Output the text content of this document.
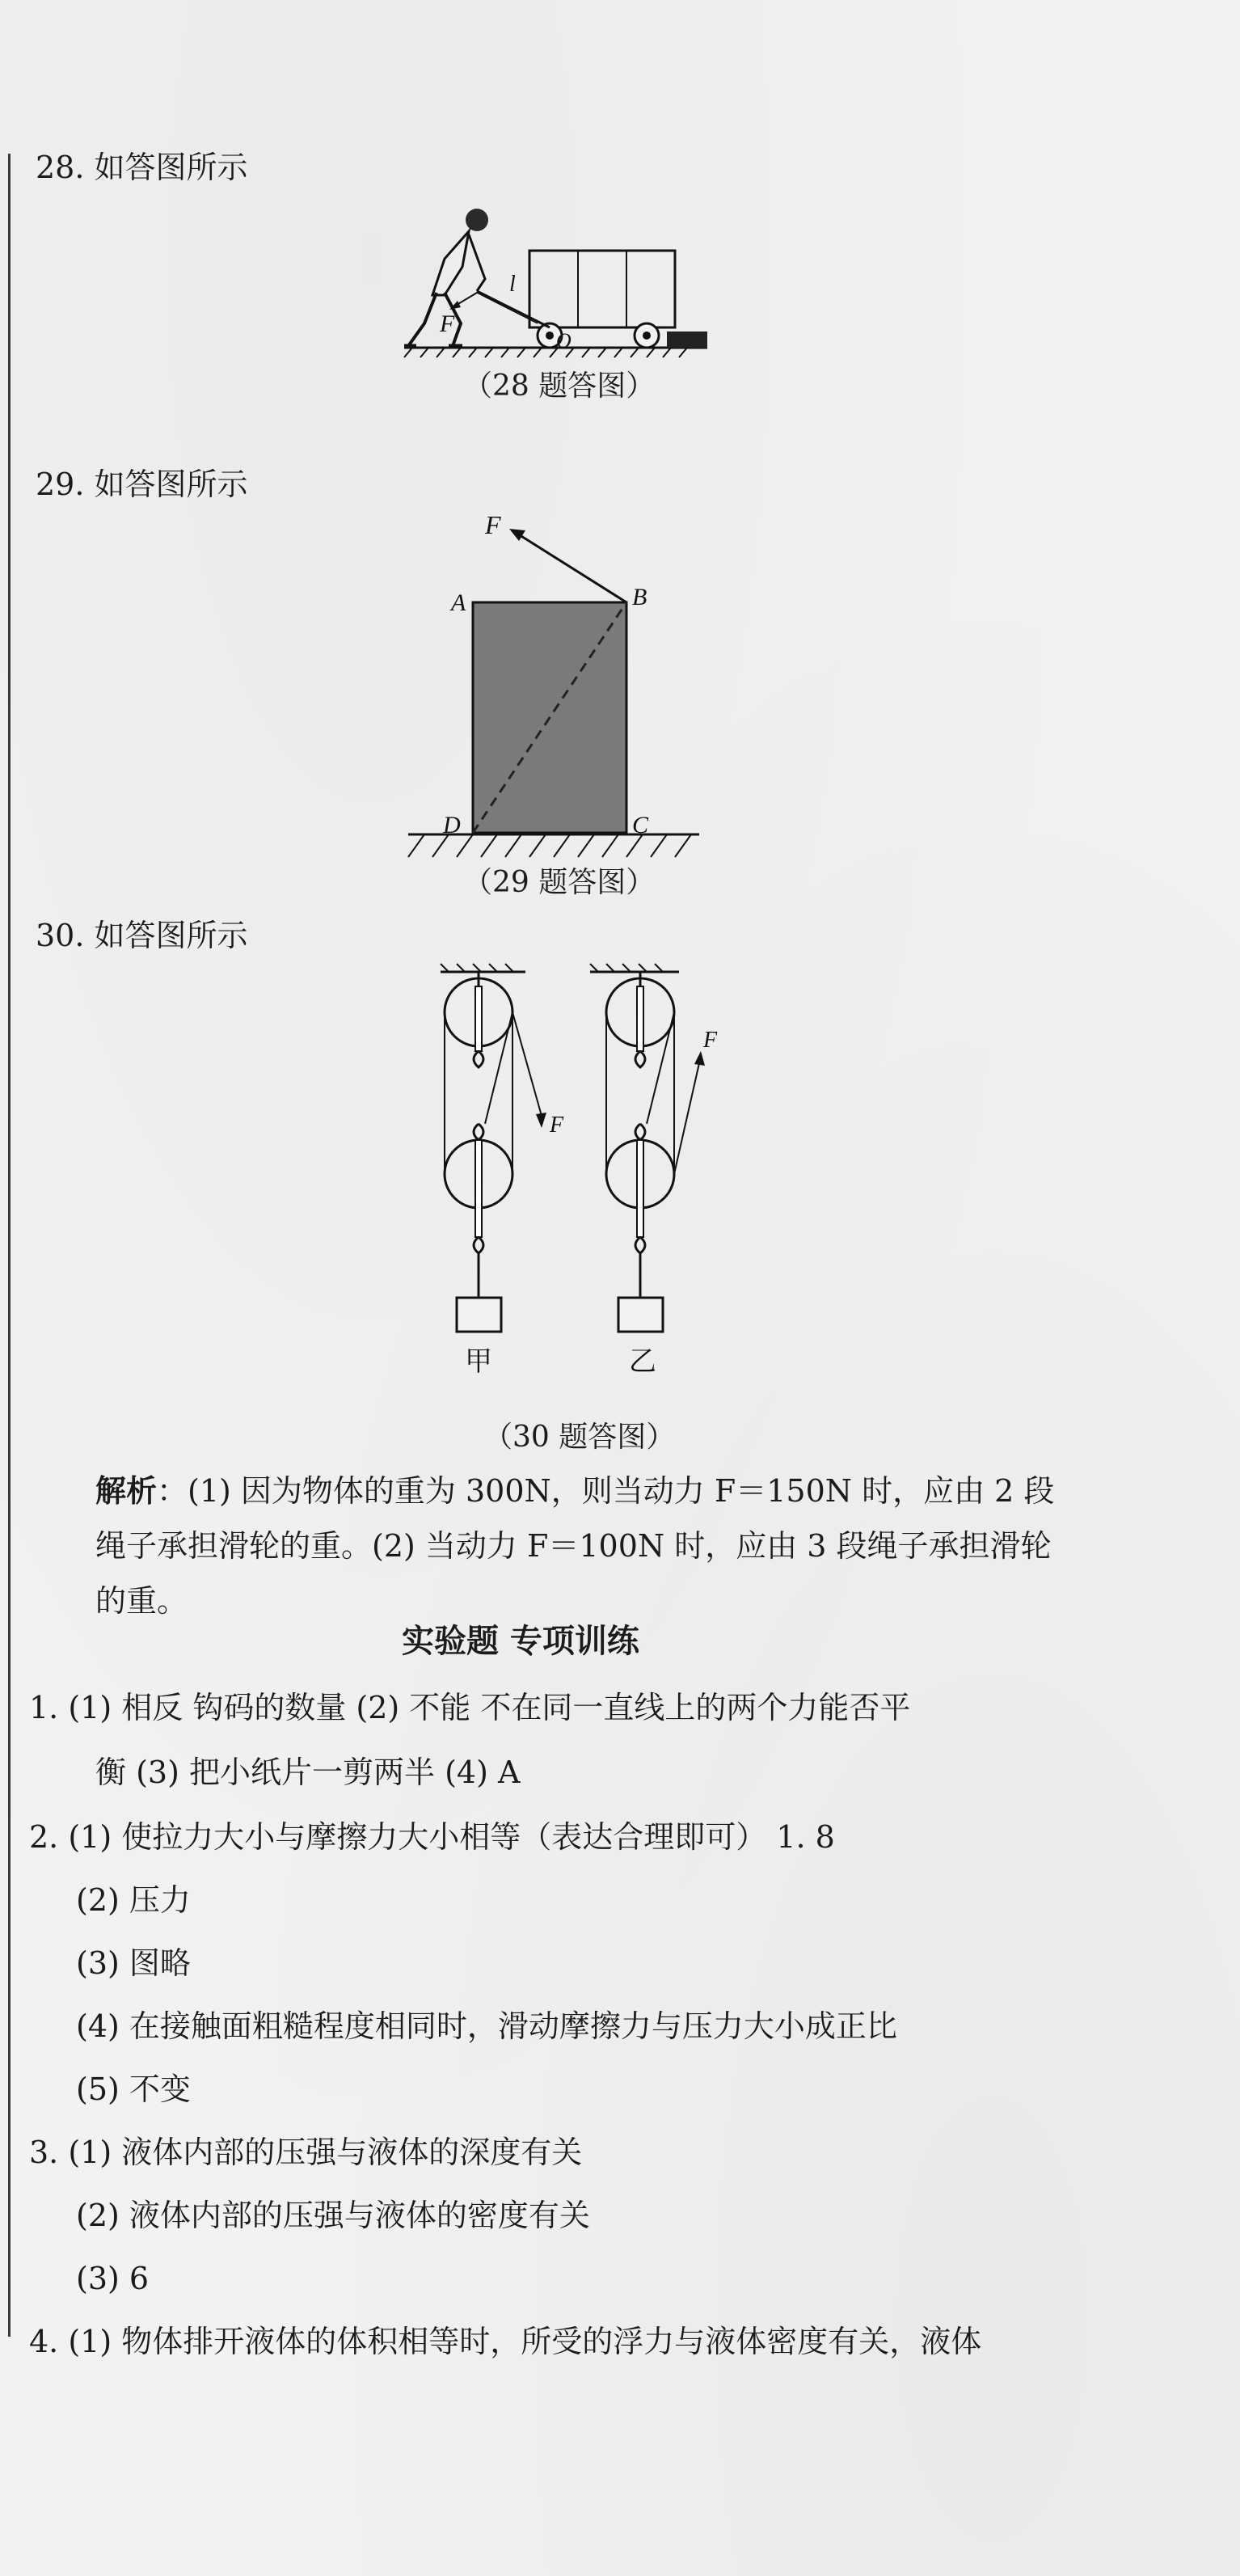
28. 如答图所示
F
l
O
（28 题答图）
29. 如答图所示
F
A	B
C
D
（29 题答图）
30. 如答图所示
F
F
甲	乙
（30 题答图）
解析：(1) 因为物体的重为 300N，则当动力 F＝150N 时，应由 2 段
绳子承担滑轮的重。(2) 当动力 F＝100N 时，应由 3 段绳子承担滑轮
的重。
实验题 专项训练
1. (1) 相反 钩码的数量 (2) 不能 不在同一直线上的两个力能否平
衡 (3) 把小纸片一剪两半 (4) A
2. (1) 使拉力大小与摩擦力大小相等（表达合理即可） 1. 8
(2) 压力
(3) 图略
(4) 在接触面粗糙程度相同时，滑动摩擦力与压力大小成正比
(5) 不变
3. (1) 液体内部的压强与液体的深度有关
(2) 液体内部的压强与液体的密度有关
(3) 6
4. (1) 物体排开液体的体积相等时，所受的浮力与液体密度有关，液体
